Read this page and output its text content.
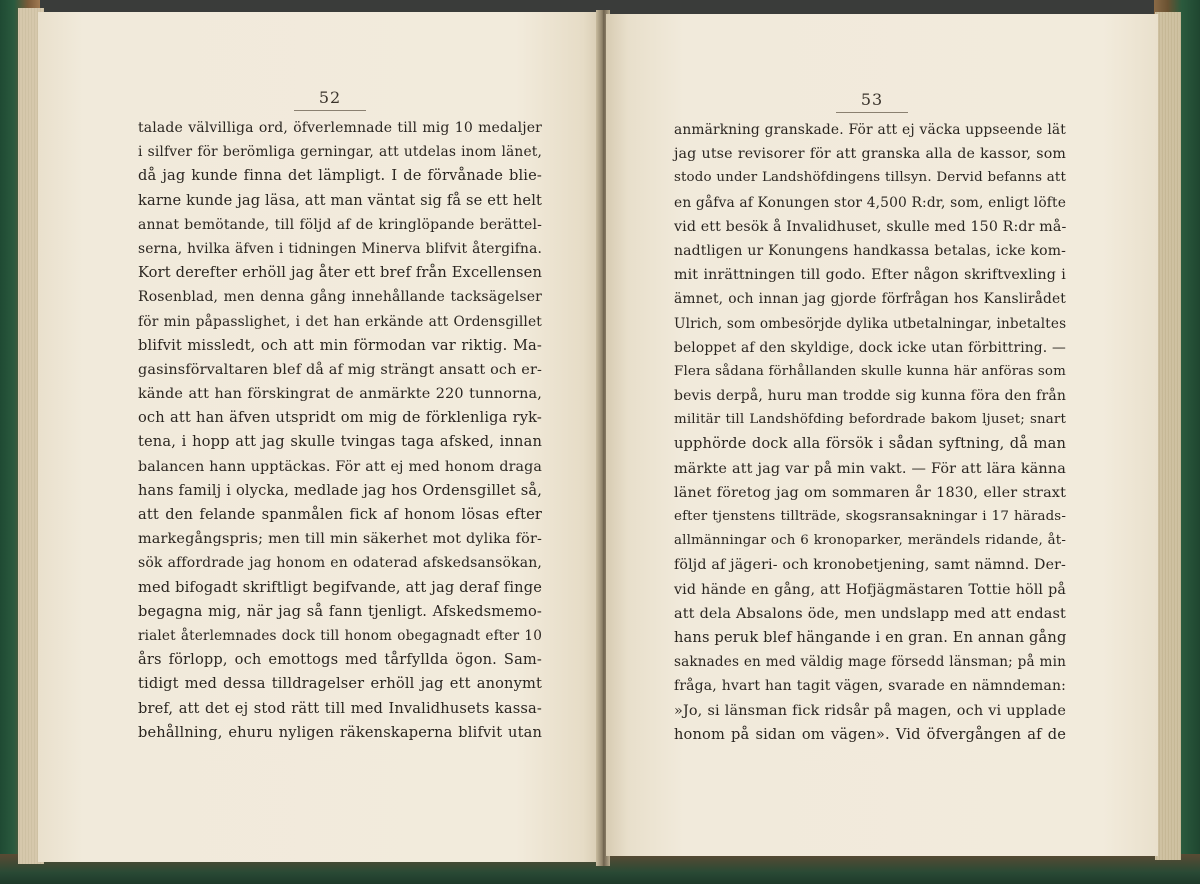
52
talade välvilliga ord, öfverlemnade till mig 10 medaljer
i silfver för berömliga gerningar, att utdelas inom länet,
då jag kunde finna det lämpligt. I de förvånade blie-
karne kunde jag läsa, att man väntat sig få se ett helt
annat bemötande, till följd af de kringlöpande berättel-
serna, hvilka äfven i tidningen Minerva blifvit återgifna.
Kort derefter erhöll jag åter ett bref från Excellensen
Rosenblad, men denna gång innehållande tacksägelser
för min påpasslighet, i det han erkände att Ordensgillet
blifvit missledt, och att min förmodan var riktig. Ma-
gasinsförvaltaren blef då af mig strängt ansatt och er-
kände att han förskingrat de anmärkte 220 tunnorna,
och att han äfven utspridt om mig de förklenliga ryk-
tena, i hopp att jag skulle tvingas taga afsked, innan
balancen hann upptäckas. För att ej med honom draga
hans familj i olycka, medlade jag hos Ordensgillet så,
att den felande spanmålen fick af honom lösas efter
markegångspris; men till min säkerhet mot dylika för-
sök affordrade jag honom en odaterad afskedsansökan,
med bifogadt skriftligt begifvande, att jag deraf finge
begagna mig, när jag så fann tjenligt. Afskedsmemo-
rialet återlemnades dock till honom obegagnadt efter 10
års förlopp, och emottogs med tårfyllda ögon. Sam-
tidigt med dessa tilldragelser erhöll jag ett anonymt
bref, att det ej stod rätt till med Invalidhusets kassa-
behållning, ehuru nyligen räkenskaperna blifvit utan
53
anmärkning granskade. För att ej väcka uppseende lät
jag utse revisorer för att granska alla de kassor, som
stodo under Landshöfdingens tillsyn. Dervid befanns att
en gåfva af Konungen stor 4,500 R:dr, som, enligt löfte
vid ett besök å Invalidhuset, skulle med 150 R:dr må-
nadtligen ur Konungens handkassa betalas, icke kom-
mit inrättningen till godo. Efter någon skriftvexling i
ämnet, och innan jag gjorde förfrågan hos Kanslirådet
Ulrich, som ombesörjde dylika utbetalningar, inbetaltes
beloppet af den skyldige, dock icke utan förbittring. —
Flera sådana förhållanden skulle kunna här anföras som
bevis derpå, huru man trodde sig kunna föra den från
militär till Landshöfding befordrade bakom ljuset; snart
upphörde dock alla försök i sådan syftning, då man
märkte att jag var på min vakt. — För att lära känna
länet företog jag om sommaren år 1830, eller straxt
efter tjenstens tillträde, skogsransakningar i 17 härads-
allmänningar och 6 kronoparker, merändels ridande, åt-
följd af jägeri- och kronobetjening, samt nämnd. Der-
vid hände en gång, att Hofjägmästaren Tottie höll på
att dela Absalons öde, men undslapp med att endast
hans peruk blef hängande i en gran. En annan gång
saknades en med väldig mage försedd länsman; på min
fråga, hvart han tagit vägen, svarade en nämndeman:
»Jo, si länsman fick ridsår på magen, och vi upplade
honom på sidan om vägen». Vid öfvergången af de
